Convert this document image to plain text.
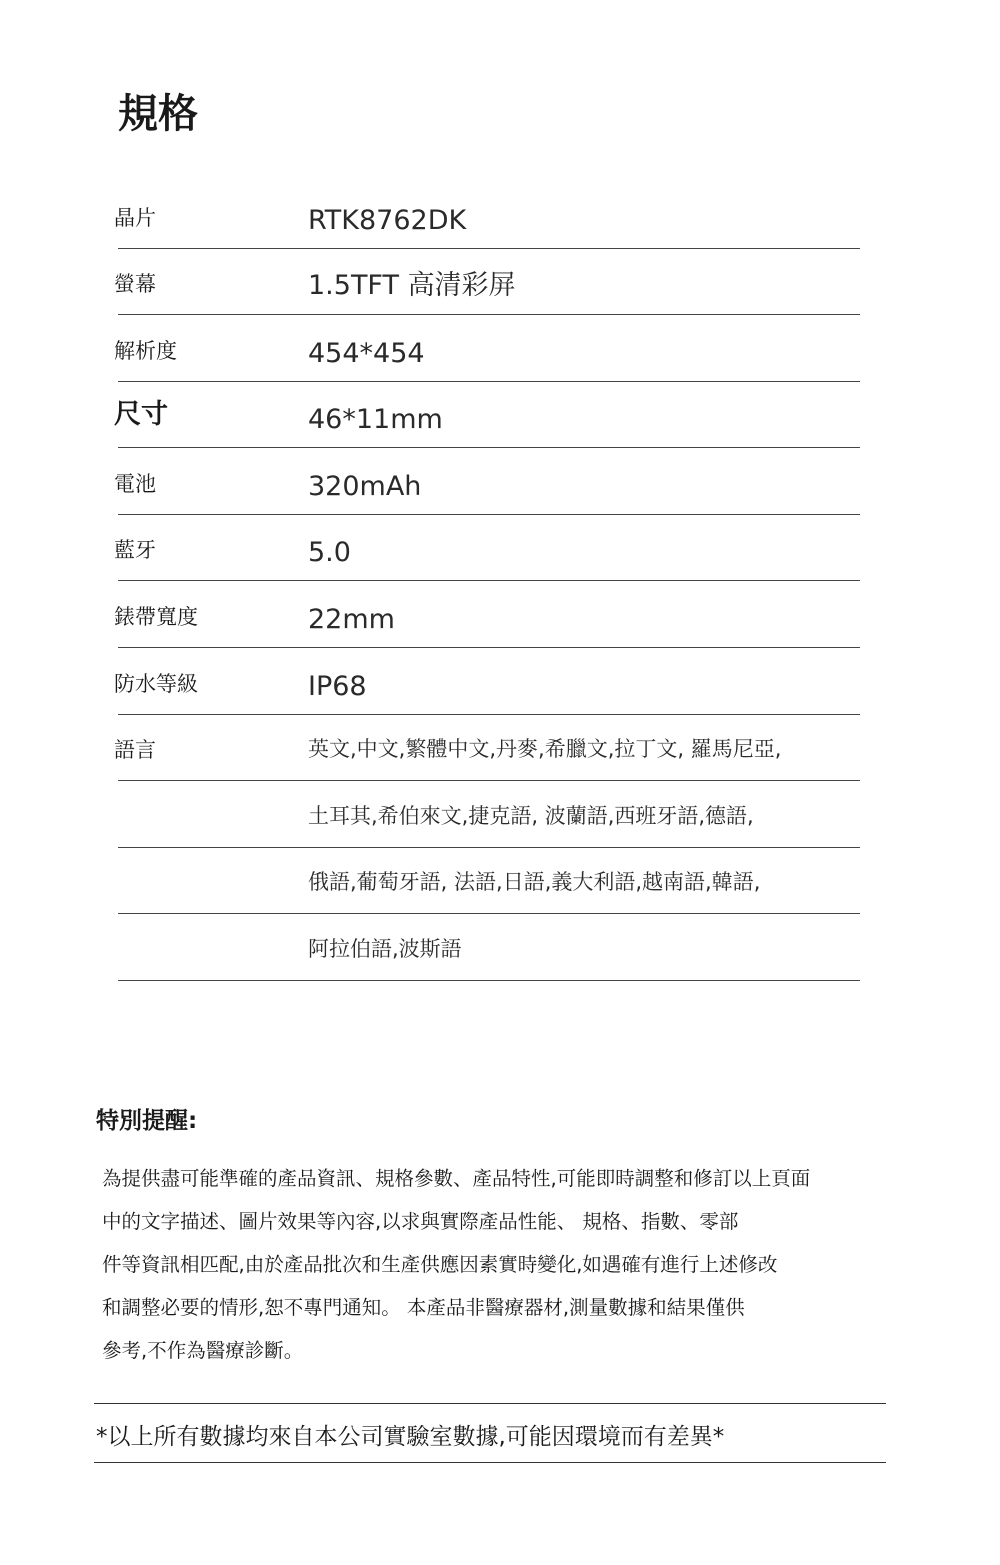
規格
晶片	RTK8762DK
螢幕	1.5TFT 高清彩屏
解析度	454*454
尺寸	46*11mm
電池	320mAh
藍牙	5.0
錶帶寬度	22mm
防水等級	IP68
語言	英文,中文,繁體中文,丹麥,希臘文,拉丁文, 羅馬尼亞,
土耳其,希伯來文,捷克語, 波蘭語,西班牙語,德語,
俄語,葡萄牙語, 法語,日語,義大利語,越南語,韓語,
阿拉伯語,波斯語
特別提醒:
為提供盡可能準確的產品資訊、規格參數、產品特性,可能即時調整和修訂以上頁面
中的文字描述、圖片效果等內容,以求與實際產品性能、 規格、指數、零部
件等資訊相匹配,由於產品批次和生產供應因素實時變化,如遇確有進行上述修改
和調整必要的情形,恕不專門通知。 本產品非醫療器材,測量數據和結果僅供
參考,不作為醫療診斷。
*以上所有數據均來自本公司實驗室數據,可能因環境而有差異*
